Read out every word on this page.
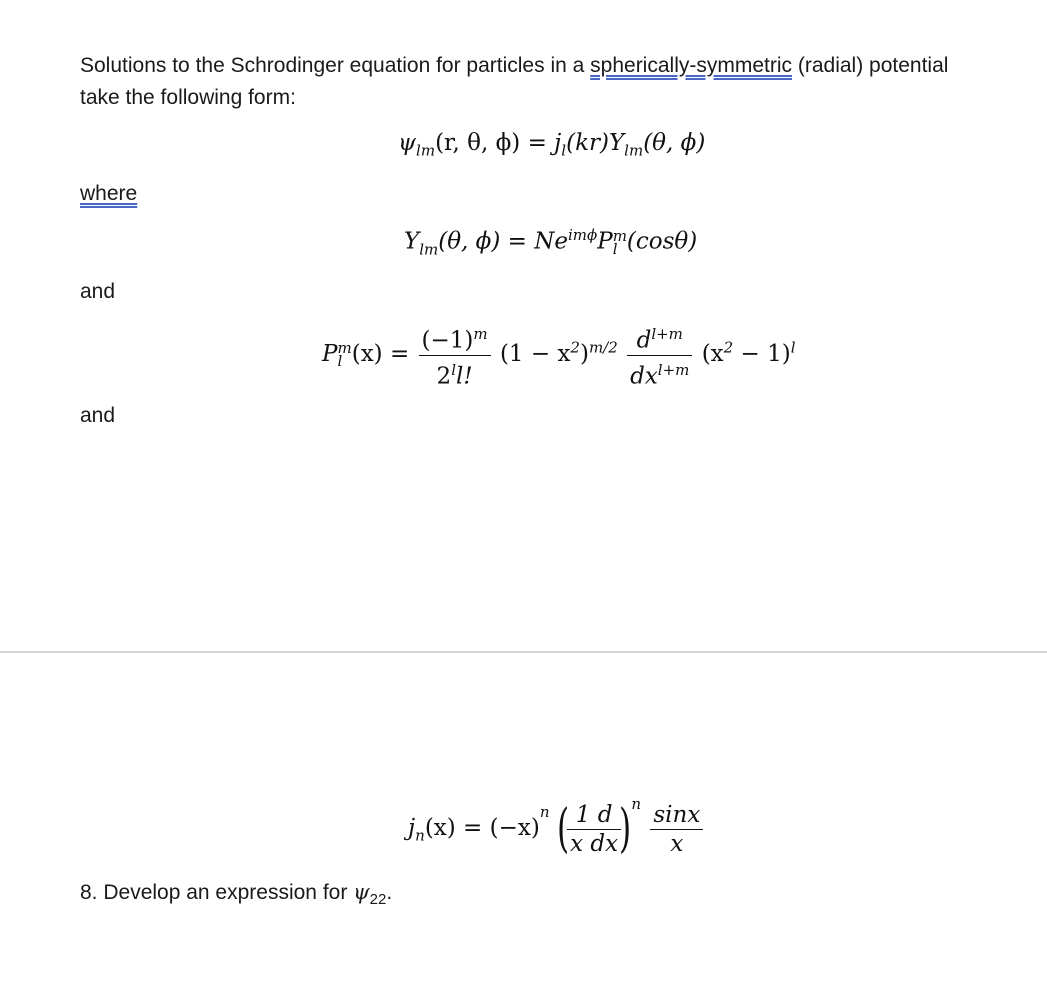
Solutions to the Schrodinger equation for particles in a spherically-symmetric (radial) potential
take the following form:
$\psi_{lm}(r$, θ, $\phi) = j_l(kr)Y_{lm}(\theta$, ϕ)
where
$Y_{lm}(\theta$, $\phi) = Ne^{im\phi}P$ m
l (cosθ)
and
P m
l $(x) = \frac{(-1)^m}{2^ll!} (1 - x^2)^{m/2} \frac{d^{l+m}}{dx^{l+m}} (x^2 - 1)^l$
and
$j_n(x) = (-x)^n$ (
$\frac{1 d}{\text{x dx}}$
)$^n \frac{\sin x}{x}$
8. Develop an expression for $\psi_{22}$.
